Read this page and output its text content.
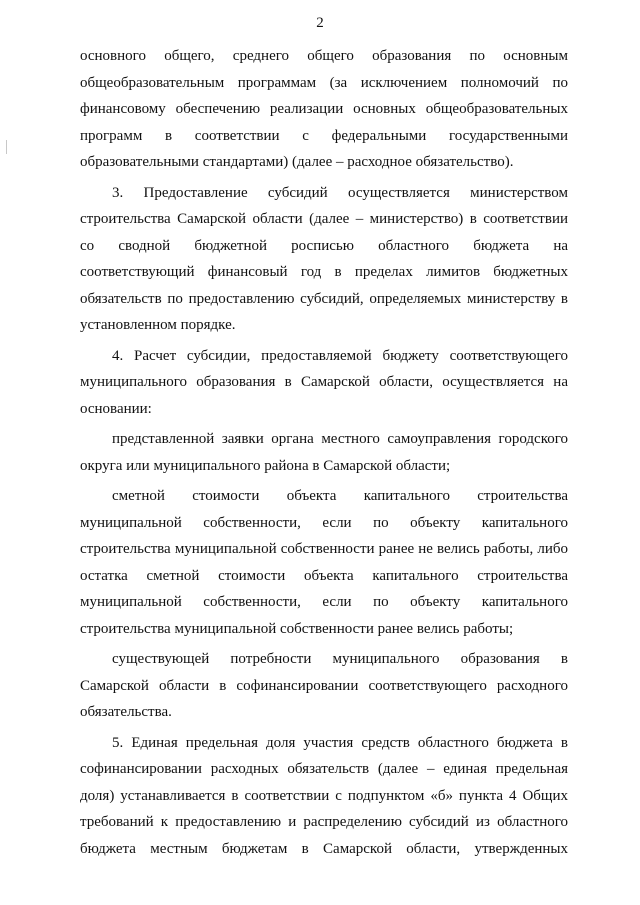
2
основного общего, среднего общего образования по основным
общеобразовательным программам (за исключением полномочий по
финансовому обеспечению реализации основных общеобразовательных
программ в соответствии с федеральными государственными
образовательными стандартами) (далее – расходное обязательство).
3. Предоставление субсидий осуществляется министерством
строительства Самарской области (далее – министерство) в соответствии
со сводной бюджетной росписью областного бюджета на
соответствующий финансовый год в пределах лимитов бюджетных
обязательств по предоставлению субсидий, определяемых министерству в
установленном порядке.
4. Расчет субсидии, предоставляемой бюджету соответствующего
муниципального образования в Самарской области, осуществляется на
основании:
представленной заявки органа местного самоуправления городского
округа или муниципального района в Самарской области;
сметной стоимости объекта капитального строительства
муниципальной собственности, если по объекту капитального
строительства муниципальной собственности ранее не велись работы, либо
остатка сметной стоимости объекта капитального строительства
муниципальной собственности, если по объекту капитального
строительства муниципальной собственности ранее велись работы;
существующей потребности муниципального образования в
Самарской области в софинансировании соответствующего расходного
обязательства.
5. Единая предельная доля участия средств областного бюджета в
софинансировании расходных обязательств (далее – единая предельная
доля) устанавливается в соответствии с подпунктом «б» пункта 4 Общих
требований к предоставлению и распределению субсидий из областного
бюджета местным бюджетам в Самарской области, утвержденных
